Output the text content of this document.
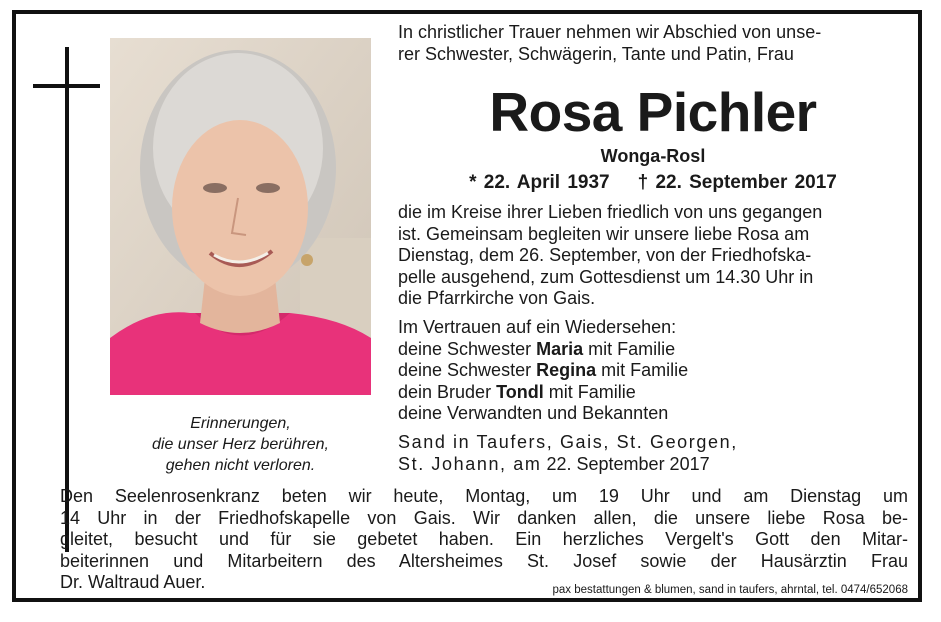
Erinnerungen,
die unser Herz berühren,
gehen nicht verloren.
In christlicher Trauer nehmen wir Abschied von unse-
rer Schwester, Schwägerin, Tante und Patin, Frau
Rosa Pichler
Wonga-Rosl
* 22. April 1937 † 22. September 2017
die im Kreise ihrer Lieben friedlich von uns gegangen
ist. Gemeinsam begleiten wir unsere liebe Rosa am
Dienstag, dem 26. September, von der Friedhofska-
pelle ausgehend, zum Gottesdienst um 14.30 Uhr in
die Pfarrkirche von Gais.
Im Vertrauen auf ein Wiedersehen:
deine Schwester Maria mit Familie
deine Schwester Regina mit Familie
dein Bruder Tondl mit Familie
deine Verwandten und Bekannten
Sand in Taufers, Gais, St. Georgen,
St. Johann, am 22. September 2017
Den Seelenrosenkranz beten wir heute, Montag, um 19 Uhr und am Dienstag um
14 Uhr in der Friedhofskapelle von Gais. Wir danken allen, die unsere liebe Rosa be-
gleitet, besucht und für sie gebetet haben. Ein herzliches Vergelt's Gott den Mitar-
beiterinnen und Mitarbeitern des Altersheimes St. Josef sowie der Hausärztin Frau
Dr. Waltraud Auer.	pax bestattungen & blumen, sand in taufers, ahrntal, tel. 0474/652068
